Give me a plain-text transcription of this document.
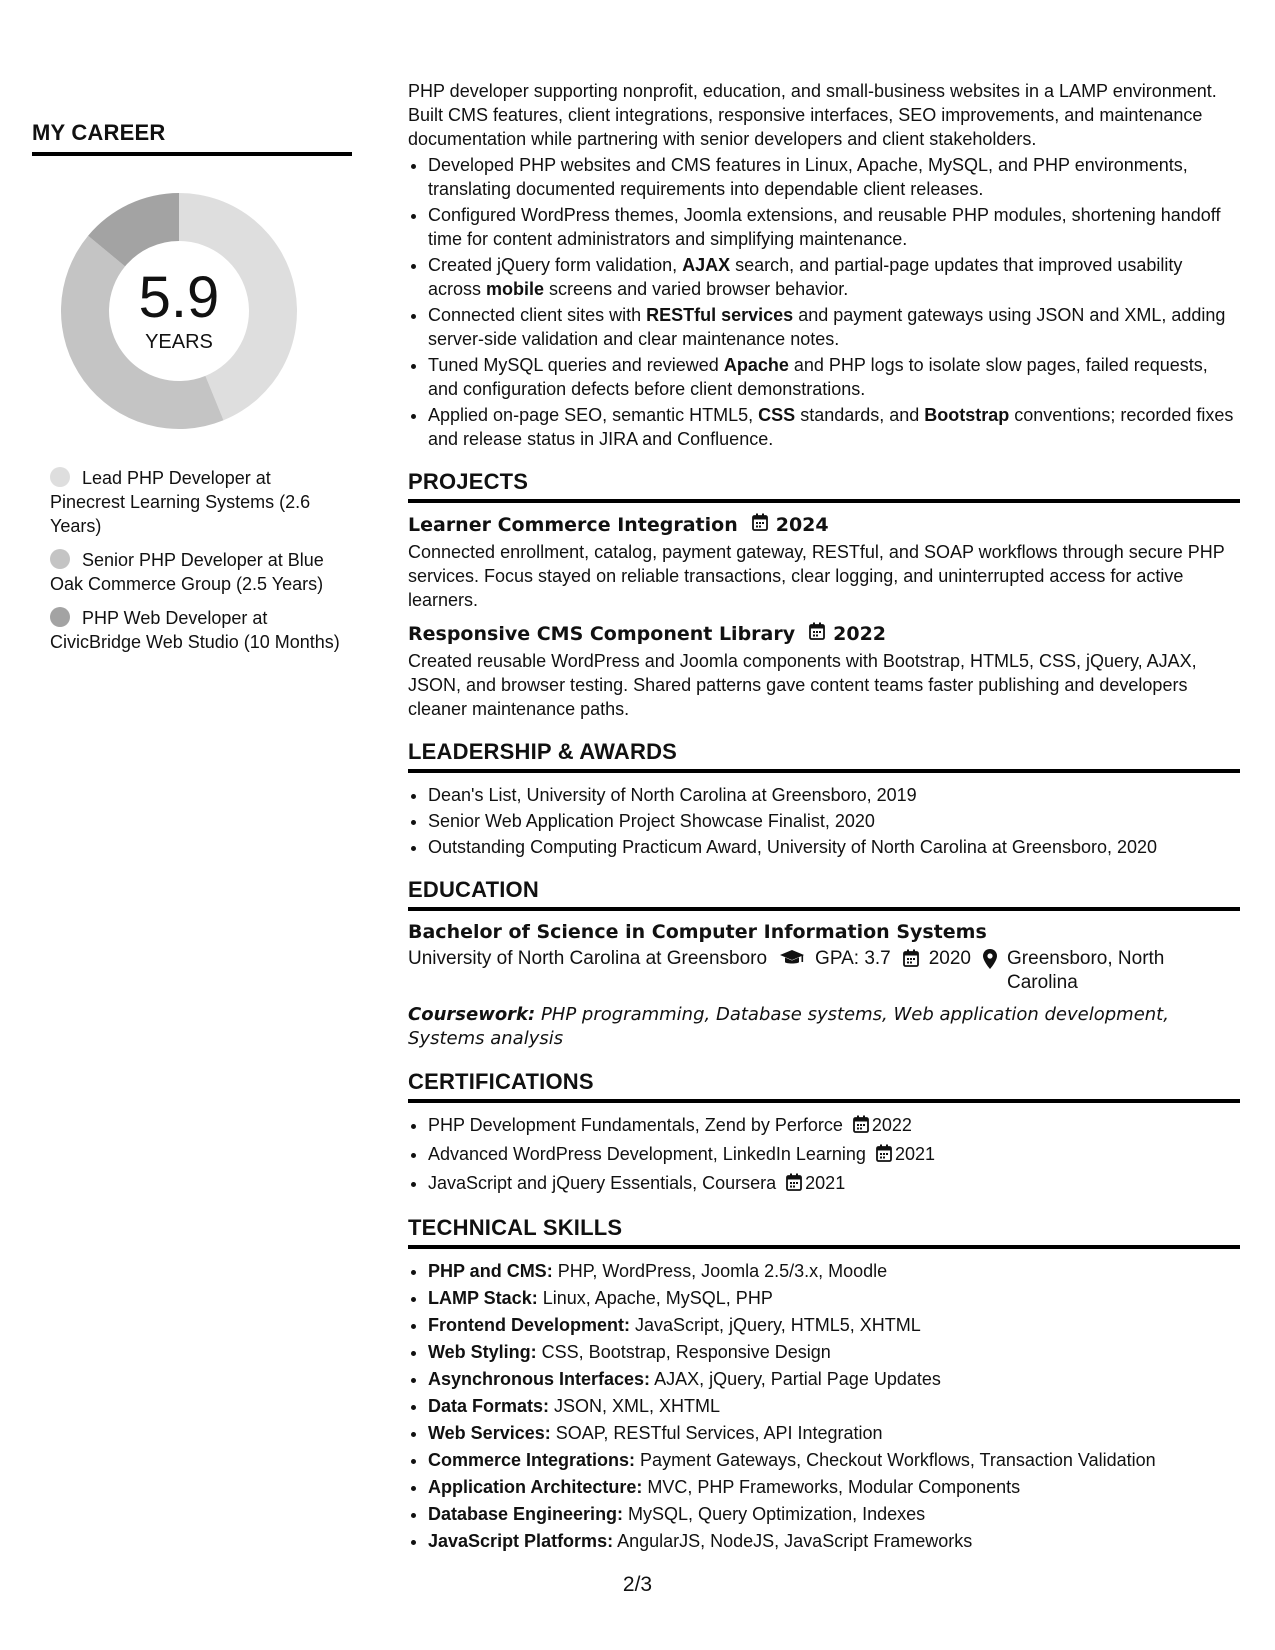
MY CAREER
5.9
YEARS
Lead PHP Developer at Pinecrest Learning Systems (2.6 Years)
Senior PHP Developer at Blue Oak Commerce Group (2.5 Years)
PHP Web Developer at CivicBridge Web Studio (10 Months)

PHP developer supporting nonprofit, education, and small-business websites in a LAMP environment. Built CMS features, client integrations, responsive interfaces, SEO improvements, and maintenance documentation while partnering with senior developers and client stakeholders.

• Developed PHP websites and CMS features in Linux, Apache, MySQL, and PHP environments, translating documented requirements into dependable client releases.
• Configured WordPress themes, Joomla extensions, and reusable PHP modules, shortening handoff time for content administrators and simplifying maintenance.
• Created jQuery form validation, AJAX search, and partial-page updates that improved usability across mobile screens and varied browser behavior.
• Connected client sites with RESTful services and payment gateways using JSON and XML, adding server-side validation and clear maintenance notes.
• Tuned MySQL queries and reviewed Apache and PHP logs to isolate slow pages, failed requests, and configuration defects before client demonstrations.
• Applied on-page SEO, semantic HTML5, CSS standards, and Bootstrap conventions; recorded fixes and release status in JIRA and Confluence.
PROJECTS
Learner Commerce Integration 2024

Connected enrollment, catalog, payment gateway, RESTful, and SOAP workflows through secure PHP services. Focus stayed on reliable transactions, clear logging, and uninterrupted access for active learners.

Responsive CMS Component Library 2022

Created reusable WordPress and Joomla components with Bootstrap, HTML5, CSS, jQuery, AJAX, JSON, and browser testing. Shared patterns gave content teams faster publishing and developers cleaner maintenance paths.

LEADERSHIP & AWARDS
• Dean's List, University of North Carolina at Greensboro, 2019
• Senior Web Application Project Showcase Finalist, 2020
• Outstanding Computing Practicum Award, University of North Carolina at Greensboro, 2020
EDUCATION
Bachelor of Science in Computer Information Systems
University of North Carolina at Greensboro	GPA: 3.7 2020 Greensboro, North Carolina
Coursework: PHP programming, Database systems, Web application development, Systems analysis
CERTIFICATIONS
• PHP Development Fundamentals, Zend by Perforce 2022
• Advanced WordPress Development, LinkedIn Learning 2021
• JavaScript and jQuery Essentials, Coursera 2021
TECHNICAL SKILLS
• PHP and CMS: PHP, WordPress, Joomla 2.5/3.x, Moodle
• LAMP Stack: Linux, Apache, MySQL, PHP
• Frontend Development: JavaScript, jQuery, HTML5, XHTML
• Web Styling: CSS, Bootstrap, Responsive Design
• Asynchronous Interfaces: AJAX, jQuery, Partial Page Updates
• Data Formats: JSON, XML, XHTML
• Web Services: SOAP, RESTful Services, API Integration
• Commerce Integrations: Payment Gateways, Checkout Workflows, Transaction Validation
• Application Architecture: MVC, PHP Frameworks, Modular Components
• Database Engineering: MySQL, Query Optimization, Indexes
• JavaScript Platforms: AngularJS, NodeJS, JavaScript Frameworks
2/3
